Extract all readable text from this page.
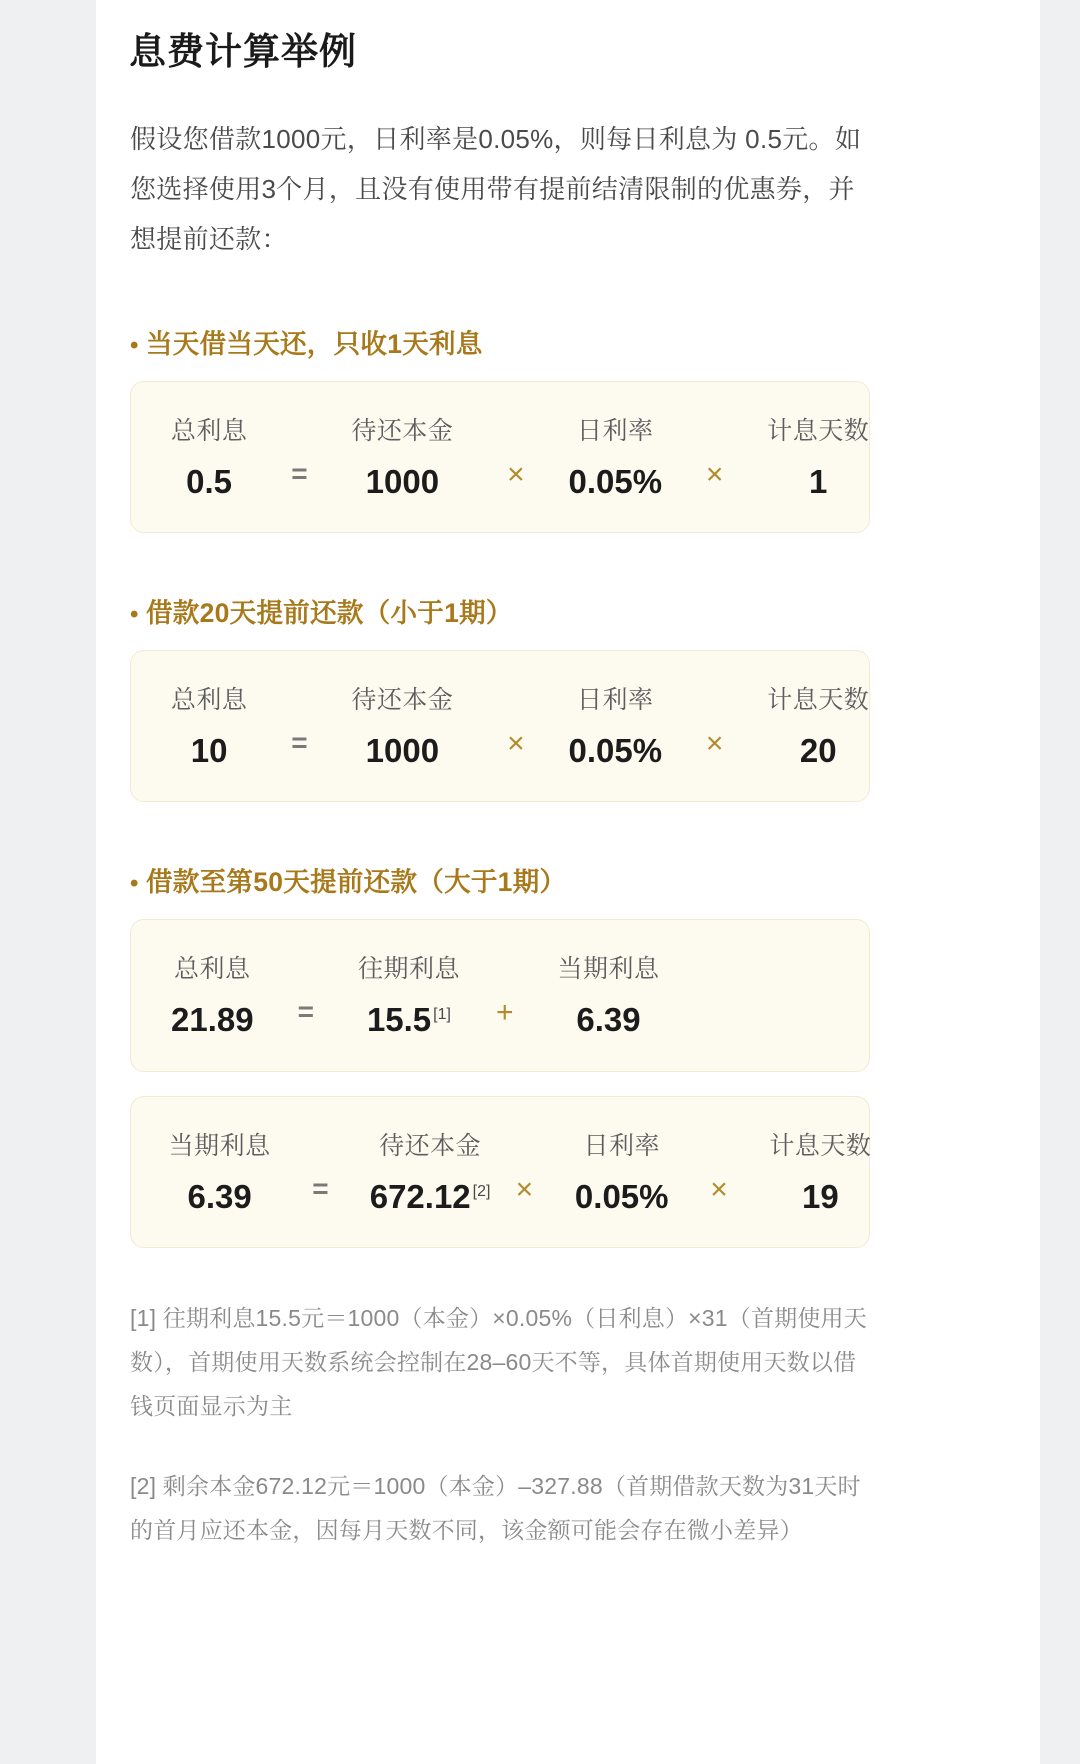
息费计算举例

假设您借款1000元，日利率是0.05%，则每日利息为 0.5元。如您选择使用3个月，且没有使用带有提前结清限制的优惠券，并想提前还款：

• 当天借当天还，只收1天利息
总利息
0.5 =
待还本金
1000 ×
日利率
0.05% ×
计息天数
1
• 借款20天提前还款（小于1期）
总利息
10 =
待还本金
1000 ×
日利率
0.05% ×
计息天数
20
• 借款至第50天提前还款（大于1期）
总利息
21.89 =
往期利息
15.5 [1] +
当期利息
6.39
当期利息
6.39 =
待还本金
672.12 [2] ×
日利率
0.05% ×
计息天数
19

[1] 往期利息15.5元＝1000（本金）×0.05%（日利息）×31（首期使用天数），首期使用天数系统会控制在28–60天不等，具体首期使用天数以借钱页面显示为主

[2] 剩余本金672.12元＝1000（本金）–327.88（首期借款天数为31天时的首月应还本金，因每月天数不同，该金额可能会存在微小差异）
